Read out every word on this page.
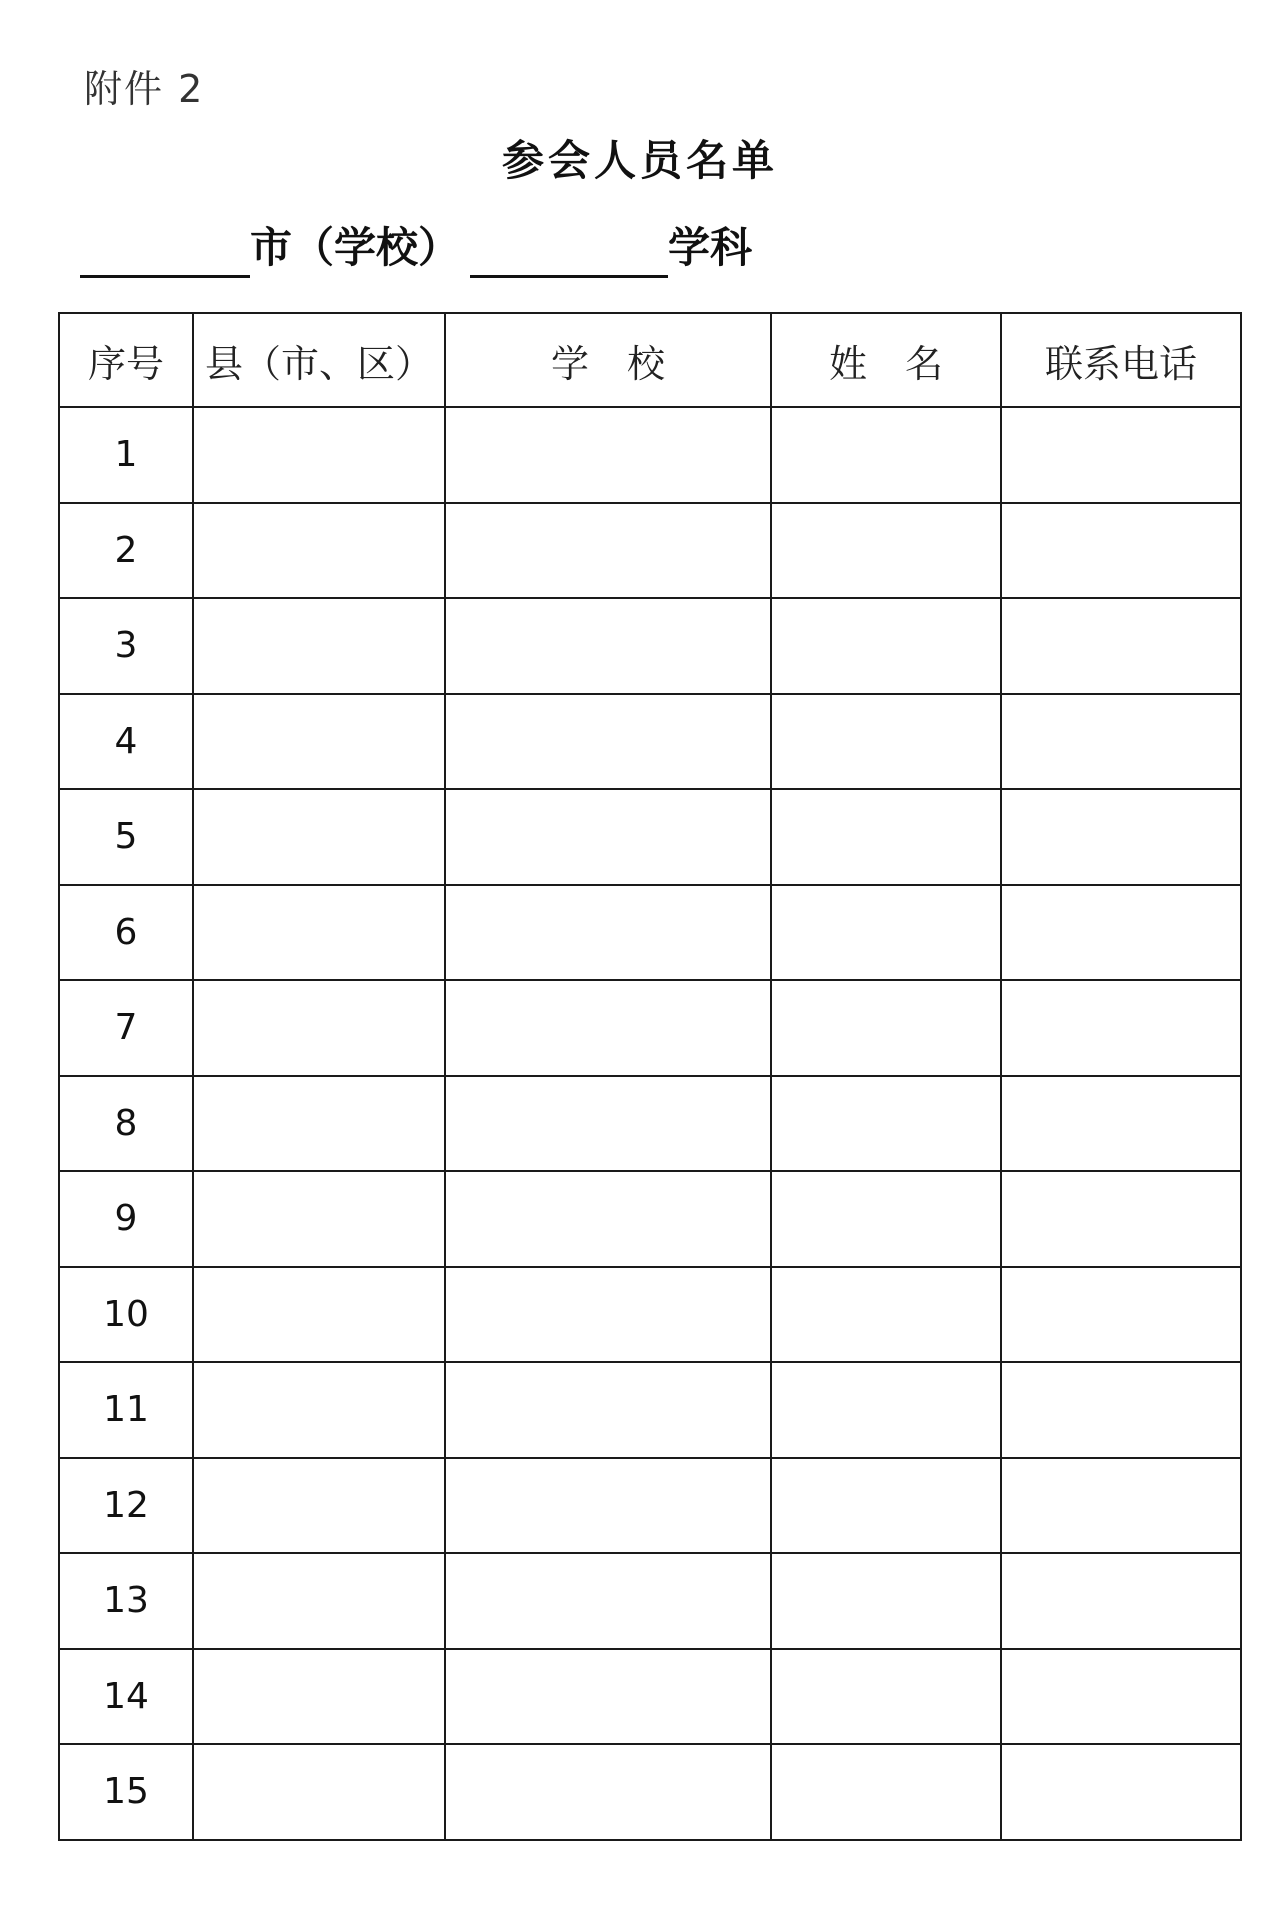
附件 2
参会人员名单
市（学校）	学科
序号	县（市、区）	学　校	姓　名	联系电话
1				
2				
3				
4				
5				
6				
7				
8				
9				
10				
11				
12				
13				
14				
15				
